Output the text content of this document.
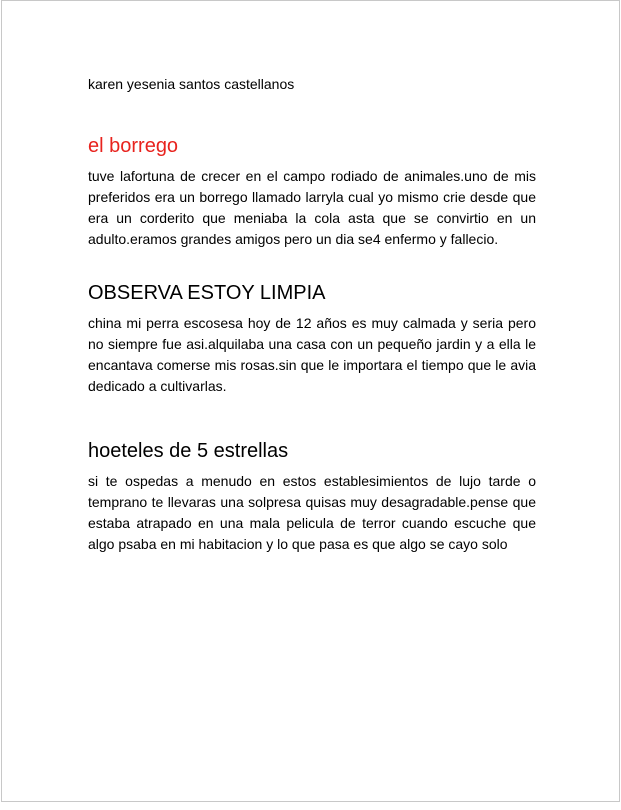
karen yesenia santos castellanos

el borrego

tuve lafortuna de crecer en el campo rodiado de animales.uno de mis preferidos era un borrego llamado larryla cual yo mismo crie desde que era un corderito que meniaba la cola asta que se convirtio en un adulto.eramos grandes amigos pero un dia se4 enfermo y fallecio.

OBSERVA ESTOY LIMPIA

china mi perra escosesa hoy de 12 años es muy calmada y seria pero no siempre fue asi.alquilaba una casa con un pequeño jardin y a ella le encantava comerse mis rosas.sin que le importara el tiempo que le avia dedicado a cultivarlas.

hoeteles de 5 estrellas

si te ospedas a menudo en estos establesimientos de lujo tarde o temprano te llevaras una solpresa quisas muy desagradable.pense que estaba atrapado en una mala pelicula de terror cuando escuche que algo psaba en mi habitacion y lo que pasa es que algo se cayo solo
